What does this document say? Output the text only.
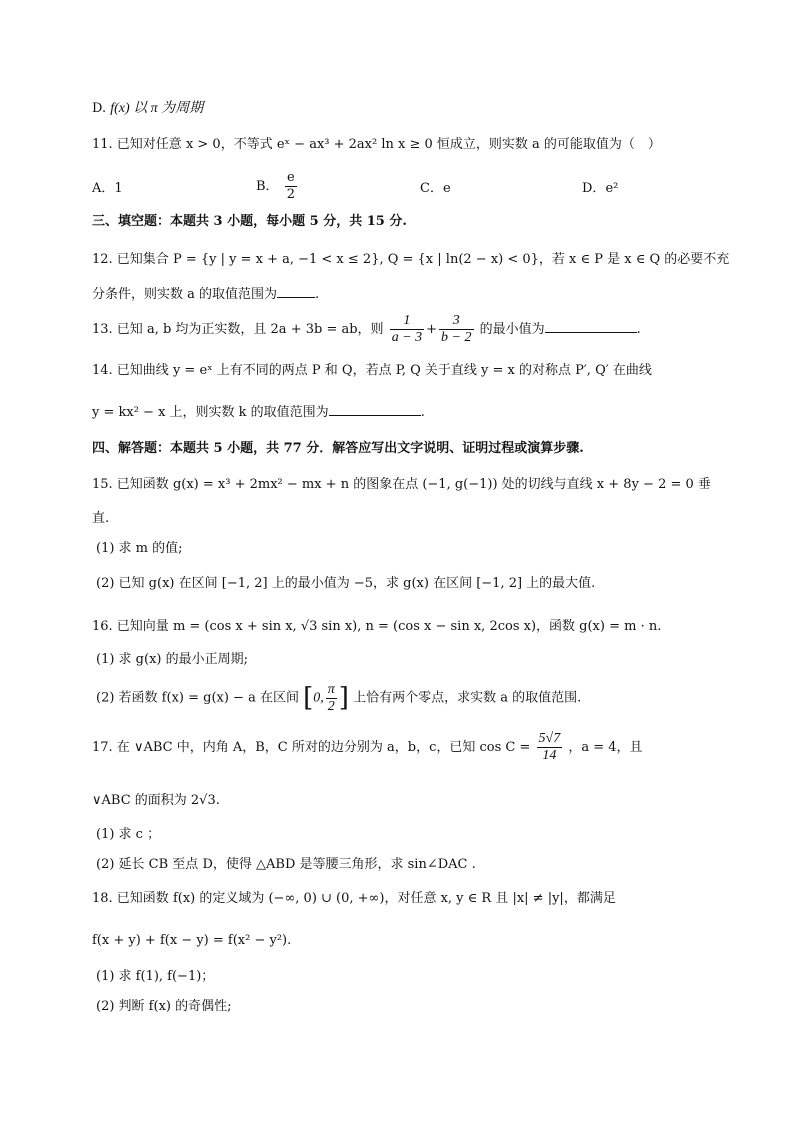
D. f(x) 以 π 为周期
11. 已知对任意 x > 0，不等式 eˣ − ax³ + 2ax² ln x ≥ 0 恒成立，则实数 a 的可能取值为（　）
A．1	B． $\frac{e}{2}$	C．e	D．e²
三、填空题：本题共 3 小题，每小题 5 分，共 15 分.
12. 已知集合 P = {y | y = x + a, −1 < x ≤ 2}, Q = {x | ln(2 − x) < 0}，若 x ∈ P 是 x ∈ Q 的必要不充
分条件，则实数 a 的取值范围为	.
13. 已知 a, b 均为正实数，且 2a + 3b = ab，则 $\frac{1}{a - 3} + \frac{3}{b - 2}$ 的最小值为	.
14. 已知曲线 y = eˣ 上有不同的两点 P 和 Q，若点 P, Q 关于直线 y = x 的对称点 P′, Q′ 在曲线
y = kx² − x 上，则实数 k 的取值范围为	.
四、解答题：本题共 5 小题，共 77 分．解答应写出文字说明、证明过程或演算步骤.
15. 已知函数 g(x) = x³ + 2mx² − mx + n 的图象在点 (−1, g(−1)) 处的切线与直线 x + 8y − 2 = 0 垂
直.
(1) 求 m 的值;
(2) 已知 g(x) 在区间 [−1, 2] 上的最小值为 −5，求 g(x) 在区间 [−1, 2] 上的最大值.
16. 已知向量 m = (cos x + sin x, √3 sin x), n = (cos x − sin x, 2cos x)，函数 g(x) = m · n.
(1) 求 g(x) 的最小正周期;
(2) 若函数 f(x) = g(x) − a 在区间 [0, $\frac{\pi}{2}$ ] 上恰有两个零点，求实数 a 的取值范围.
17. 在 ∨ABC 中，内角 A，B，C 所对的边分别为 a，b，c，已知 $\cos C = \frac{5√7}{14}$ ，a = 4，且
∨ABC 的面积为 2√3.
(1) 求 c ；
(2) 延长 CB 至点 D，使得 △ABD 是等腰三角形，求 sin∠DAC .
18. 已知函数 f(x) 的定义域为 (−∞, 0) ∪ (0, +∞)，对任意 x, y ∈ R 且 |x| ≠ |y|，都满足
f(x + y) + f(x − y) = f(x² − y²).
(1) 求 f(1), f(−1)；
(2) 判断 f(x) 的奇偶性;
